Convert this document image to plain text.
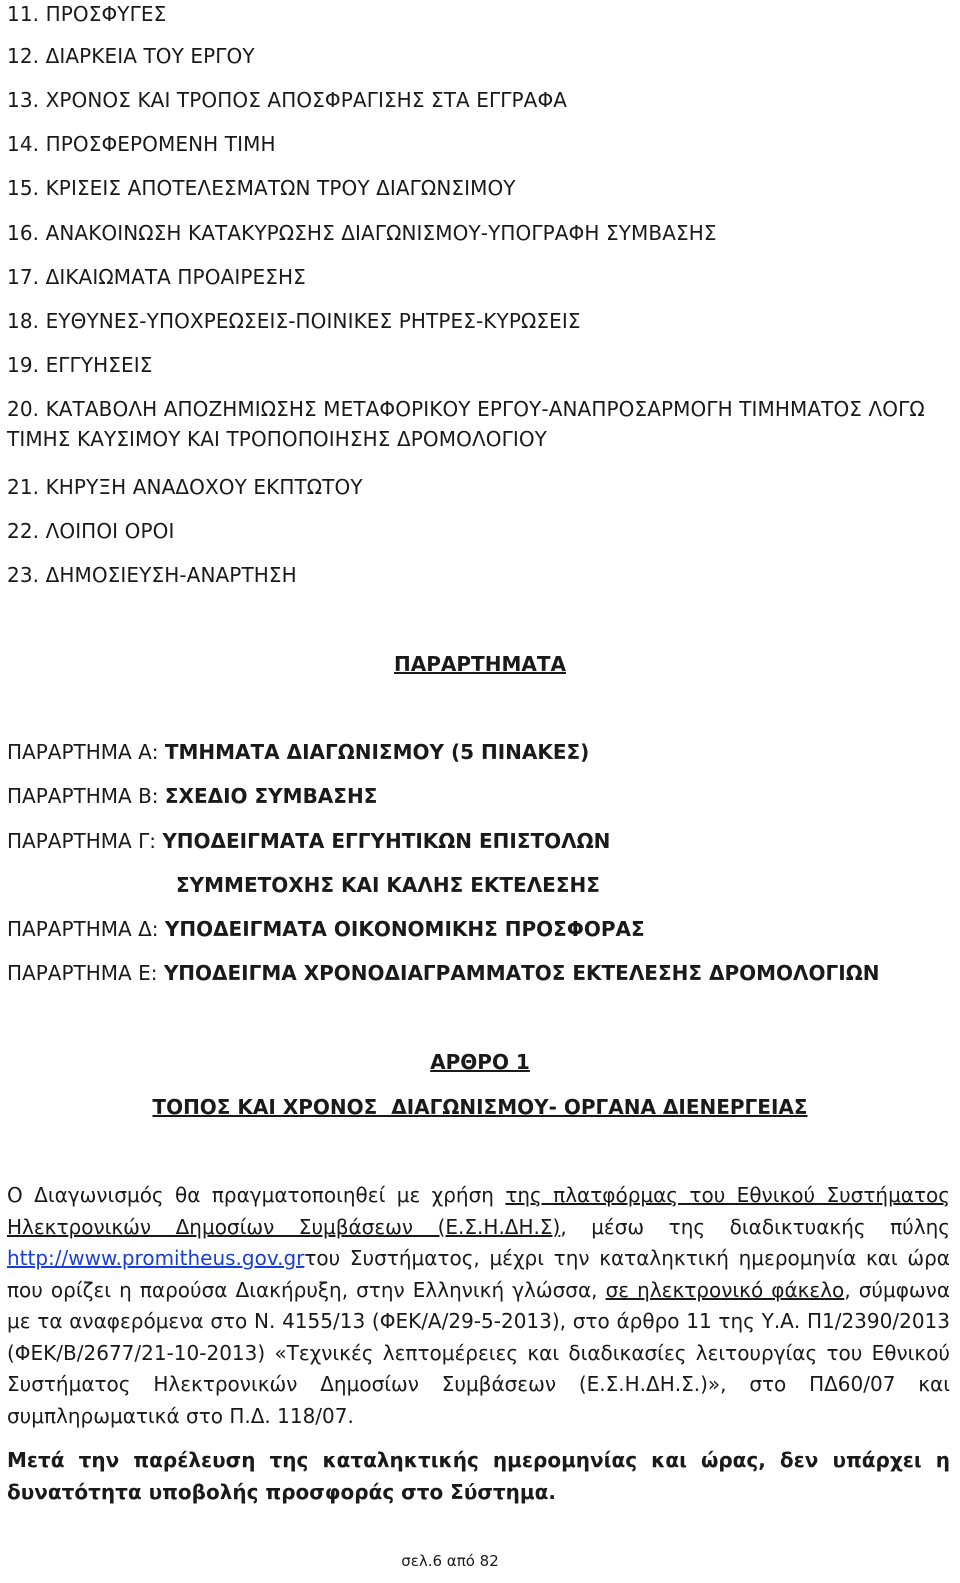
11. ΠΡΟΣΦΥΓΕΣ
12. ΔΙΑΡΚΕΙΑ ΤΟΥ ΕΡΓΟΥ
13. ΧΡΟΝΟΣ ΚΑΙ ΤΡΟΠΟΣ ΑΠΟΣΦΡΑΓΙΣΗΣ ΣΤΑ ΕΓΓΡΑΦΑ
14. ΠΡΟΣΦΕΡΟΜΕΝΗ ΤΙΜΗ
15. ΚΡΙΣΕΙΣ ΑΠΟΤΕΛΕΣΜΑΤΩΝ ΤΡΟΥ ΔΙΑΓΩΝΣΙΜΟΥ
16. ΑΝΑΚΟΙΝΩΣΗ ΚΑΤΑΚΥΡΩΣΗΣ ΔΙΑΓΩΝΙΣΜΟΥ-ΥΠΟΓΡΑΦΗ ΣΥΜΒΑΣΗΣ
17. ΔΙΚΑΙΩΜΑΤΑ ΠΡΟΑΙΡΕΣΗΣ
18. ΕΥΘΥΝΕΣ-ΥΠΟΧΡΕΩΣΕΙΣ-ΠΟΙΝΙΚΕΣ ΡΗΤΡΕΣ-ΚΥΡΩΣΕΙΣ
19. ΕΓΓΥΗΣΕΙΣ
20. ΚΑΤΑΒΟΛΗ ΑΠΟΖΗΜΙΩΣΗΣ ΜΕΤΑΦΟΡΙΚΟΥ ΕΡΓΟΥ-ΑΝΑΠΡΟΣΑΡΜΟΓΗ ΤΙΜΗΜΑΤΟΣ ΛΟΓΩ ΤΙΜΗΣ ΚΑΥΣΙΜΟΥ ΚΑΙ ΤΡΟΠΟΠΟΙΗΣΗΣ ΔΡΟΜΟΛΟΓΙΟΥ
21. ΚΗΡΥΞΗ ΑΝΑΔΟΧΟΥ ΕΚΠΤΩΤΟΥ
22. ΛΟΙΠΟΙ ΟΡΟΙ
23. ΔΗΜΟΣΙΕΥΣΗ-ΑΝΑΡΤΗΣΗ
ΠΑΡΑΡΤΗΜΑΤΑ
ΠΑΡΑΡΤΗΜΑ Α: ΤΜΗΜΑΤΑ ΔΙΑΓΩΝΙΣΜΟΥ (5 ΠΙΝΑΚΕΣ)
ΠΑΡΑΡΤΗΜΑ Β: ΣΧΕΔΙΟ ΣΥΜΒΑΣΗΣ
ΠΑΡΑΡΤΗΜΑ Γ: ΥΠΟΔΕΙΓΜΑΤΑ ΕΓΓΥΗΤΙΚΩΝ ΕΠΙΣΤΟΛΩΝ
ΣΥΜΜΕΤΟΧΗΣ ΚΑΙ ΚΑΛΗΣ ΕΚΤΕΛΕΣΗΣ
ΠΑΡΑΡΤΗΜΑ Δ: ΥΠΟΔΕΙΓΜΑΤΑ ΟΙΚΟΝΟΜΙΚΗΣ ΠΡΟΣΦΟΡΑΣ
ΠΑΡΑΡΤΗΜΑ Ε: ΥΠΟΔΕΙΓΜΑ ΧΡΟΝΟΔΙΑΓΡΑΜΜΑΤΟΣ ΕΚΤΕΛΕΣΗΣ ΔΡΟΜΟΛΟΓΙΩΝ
ΑΡΘΡΟ 1
ΤΟΠΟΣ ΚΑΙ ΧΡΟΝΟΣ  ΔΙΑΓΩΝΙΣΜΟΥ- ΟΡΓΑΝΑ ΔΙΕΝΕΡΓΕΙΑΣ
Ο Διαγωνισμός θα πραγματοποιηθεί με χρήση της πλατφόρμας του Εθνικού Συστήματος Ηλεκτρονικών Δημοσίων Συμβάσεων (Ε.Σ.Η.ΔΗ.Σ), μέσω της διαδικτυακής πύλης http://www.promitheus.gov.grτου Συστήματος, μέχρι την καταληκτική ημερομηνία και ώρα που ορίζει η παρούσα Διακήρυξη, στην Ελληνική γλώσσα, σε ηλεκτρονικό φάκελο, σύμφωνα με τα αναφερόμενα στο Ν. 4155/13 (ΦΕΚ/Α/29-5-2013), στο άρθρο 11 της Υ.Α. Π1/2390/2013 (ΦΕΚ/Β/2677/21-10-2013) «Τεχνικές λεπτομέρειες και διαδικασίες λειτουργίας του Εθνικού Συστήματος Ηλεκτρονικών Δημοσίων Συμβάσεων (Ε.Σ.Η.ΔΗ.Σ.)», στο ΠΔ60/07 και συμπληρωματικά στο Π.Δ. 118/07.
Μετά την παρέλευση της καταληκτικής ημερομηνίας και ώρας, δεν υπάρχει η δυνατότητα υποβολής προσφοράς στο Σύστημα.
σελ.6 από 82
